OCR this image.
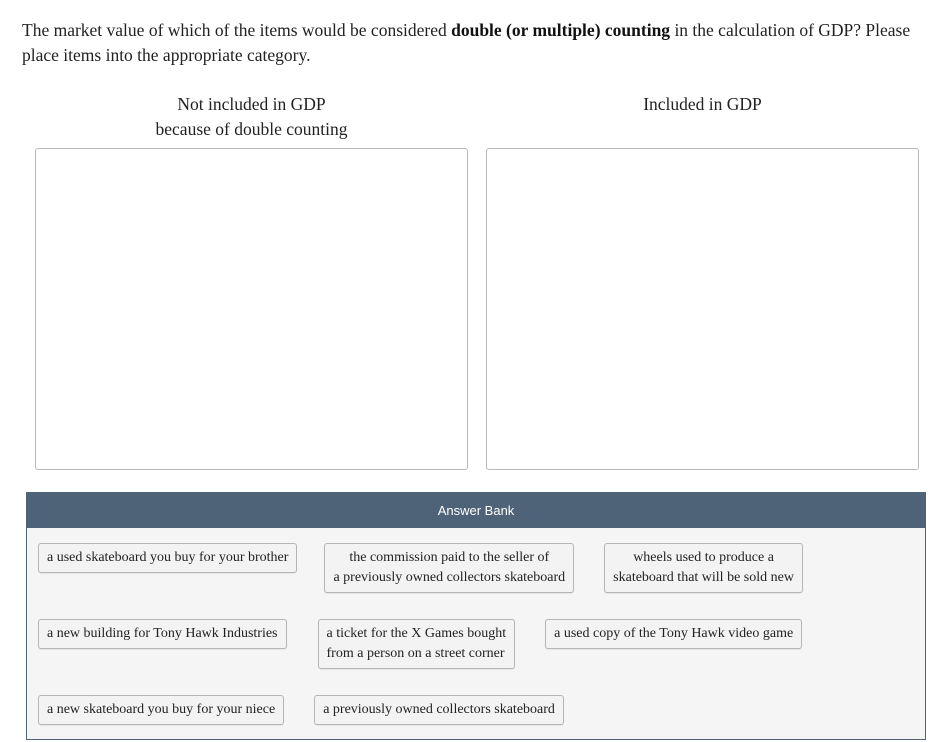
The market value of which of the items would be considered double (or multiple) counting in the calculation of GDP? Please place items into the appropriate category.
Not included in GDP
because of double counting
Included in GDP
Answer Bank
a used skateboard you buy for your brother	the commission paid to the seller of
a previously owned collectors skateboard
wheels used to produce a
skateboard that will be sold new
a new building for Tony Hawk Industries	a ticket for the X Games bought
from a person on a street corner
a used copy of the Tony Hawk video game
a new skateboard you buy for your niece	a previously owned collectors skateboard
